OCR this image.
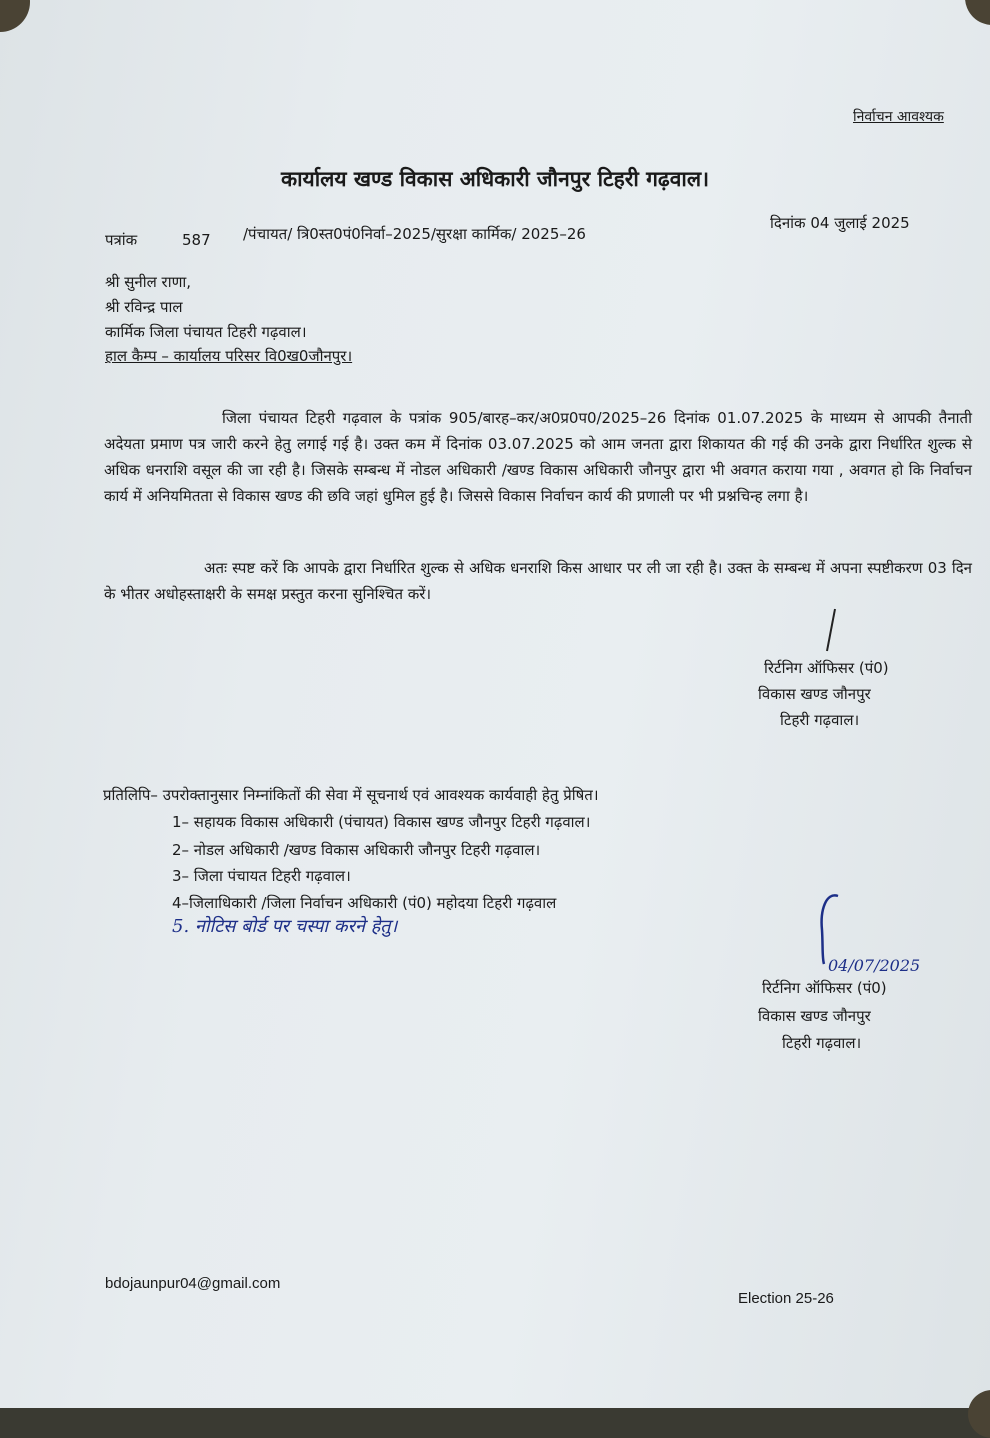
निर्वाचन आवश्यक
कार्यालय खण्ड विकास अधिकारी जौनपुर टिहरी गढ़वाल।
पत्रांक	587 /पंचायत/ त्रि0स्त0पं0निर्वा–2025/सुरक्षा कार्मिक/ 2025–26
दिनांक 04 जुलाई 2025
श्री सुनील राणा,
श्री रविन्द्र पाल
कार्मिक जिला पंचायत टिहरी गढ़वाल।
हाल कैम्प – कार्यालय परिसर वि0ख0जौनपुर।
जिला पंचायत टिहरी गढ़वाल के पत्रांक 905/बारह–कर/अ0प्र0प0/2025–26 दिनांक 01.07.2025 के माध्यम से आपकी तैनाती अदेयता प्रमाण पत्र जारी करने हेतु लगाई गई है। उक्त कम में दिनांक 03.07.2025 को आम जनता द्वारा शिकायत की गई की उनके द्वारा निर्धारित शुल्क से अधिक धनराशि वसूल की जा रही है। जिसके सम्बन्ध में नोडल अधिकारी /खण्ड विकास अधिकारी जौनपुर द्वारा भी अवगत कराया गया , अवगत हो कि निर्वाचन कार्य में अनियमितता से विकास खण्ड की छवि जहां धुमिल हुई है। जिससे विकास निर्वाचन कार्य की प्रणाली पर भी प्रश्नचिन्ह लगा है।
अतः स्पष्ट करें कि आपके द्वारा निर्धारित शुल्क से अधिक धनराशि किस आधार पर ली जा रही है। उक्त के सम्बन्ध में अपना स्पष्टीकरण 03 दिन के भीतर अधोहस्ताक्षरी के समक्ष प्रस्तुत करना सुनिश्चित करें।
रिर्टनिग ऑफिसर (पं0)
विकास खण्ड जौनपुर
टिहरी गढ़वाल।
प्रतिलिपि– उपरोक्तानुसार निम्नांकितों की सेवा में सूचनार्थ एवं आवश्यक कार्यवाही हेतु प्रेषित।
1– सहायक विकास अधिकारी (पंचायत) विकास खण्ड जौनपुर टिहरी गढ़वाल।
2– नोडल अधिकारी /खण्ड विकास अधिकारी जौनपुर टिहरी गढ़वाल।
3– जिला पंचायत टिहरी गढ़वाल।
4–जिलाधिकारी /जिला निर्वाचन अधिकारी (पं0) महोदया टिहरी गढ़वाल
5. नोटिस बोर्ड पर चस्पा करने हेतु।
04/07/2025
रिर्टनिग ऑफिसर (पं0)
विकास खण्ड जौनपुर
टिहरी गढ़वाल।
bdojaunpur04@gmail.com
Election 25-26
